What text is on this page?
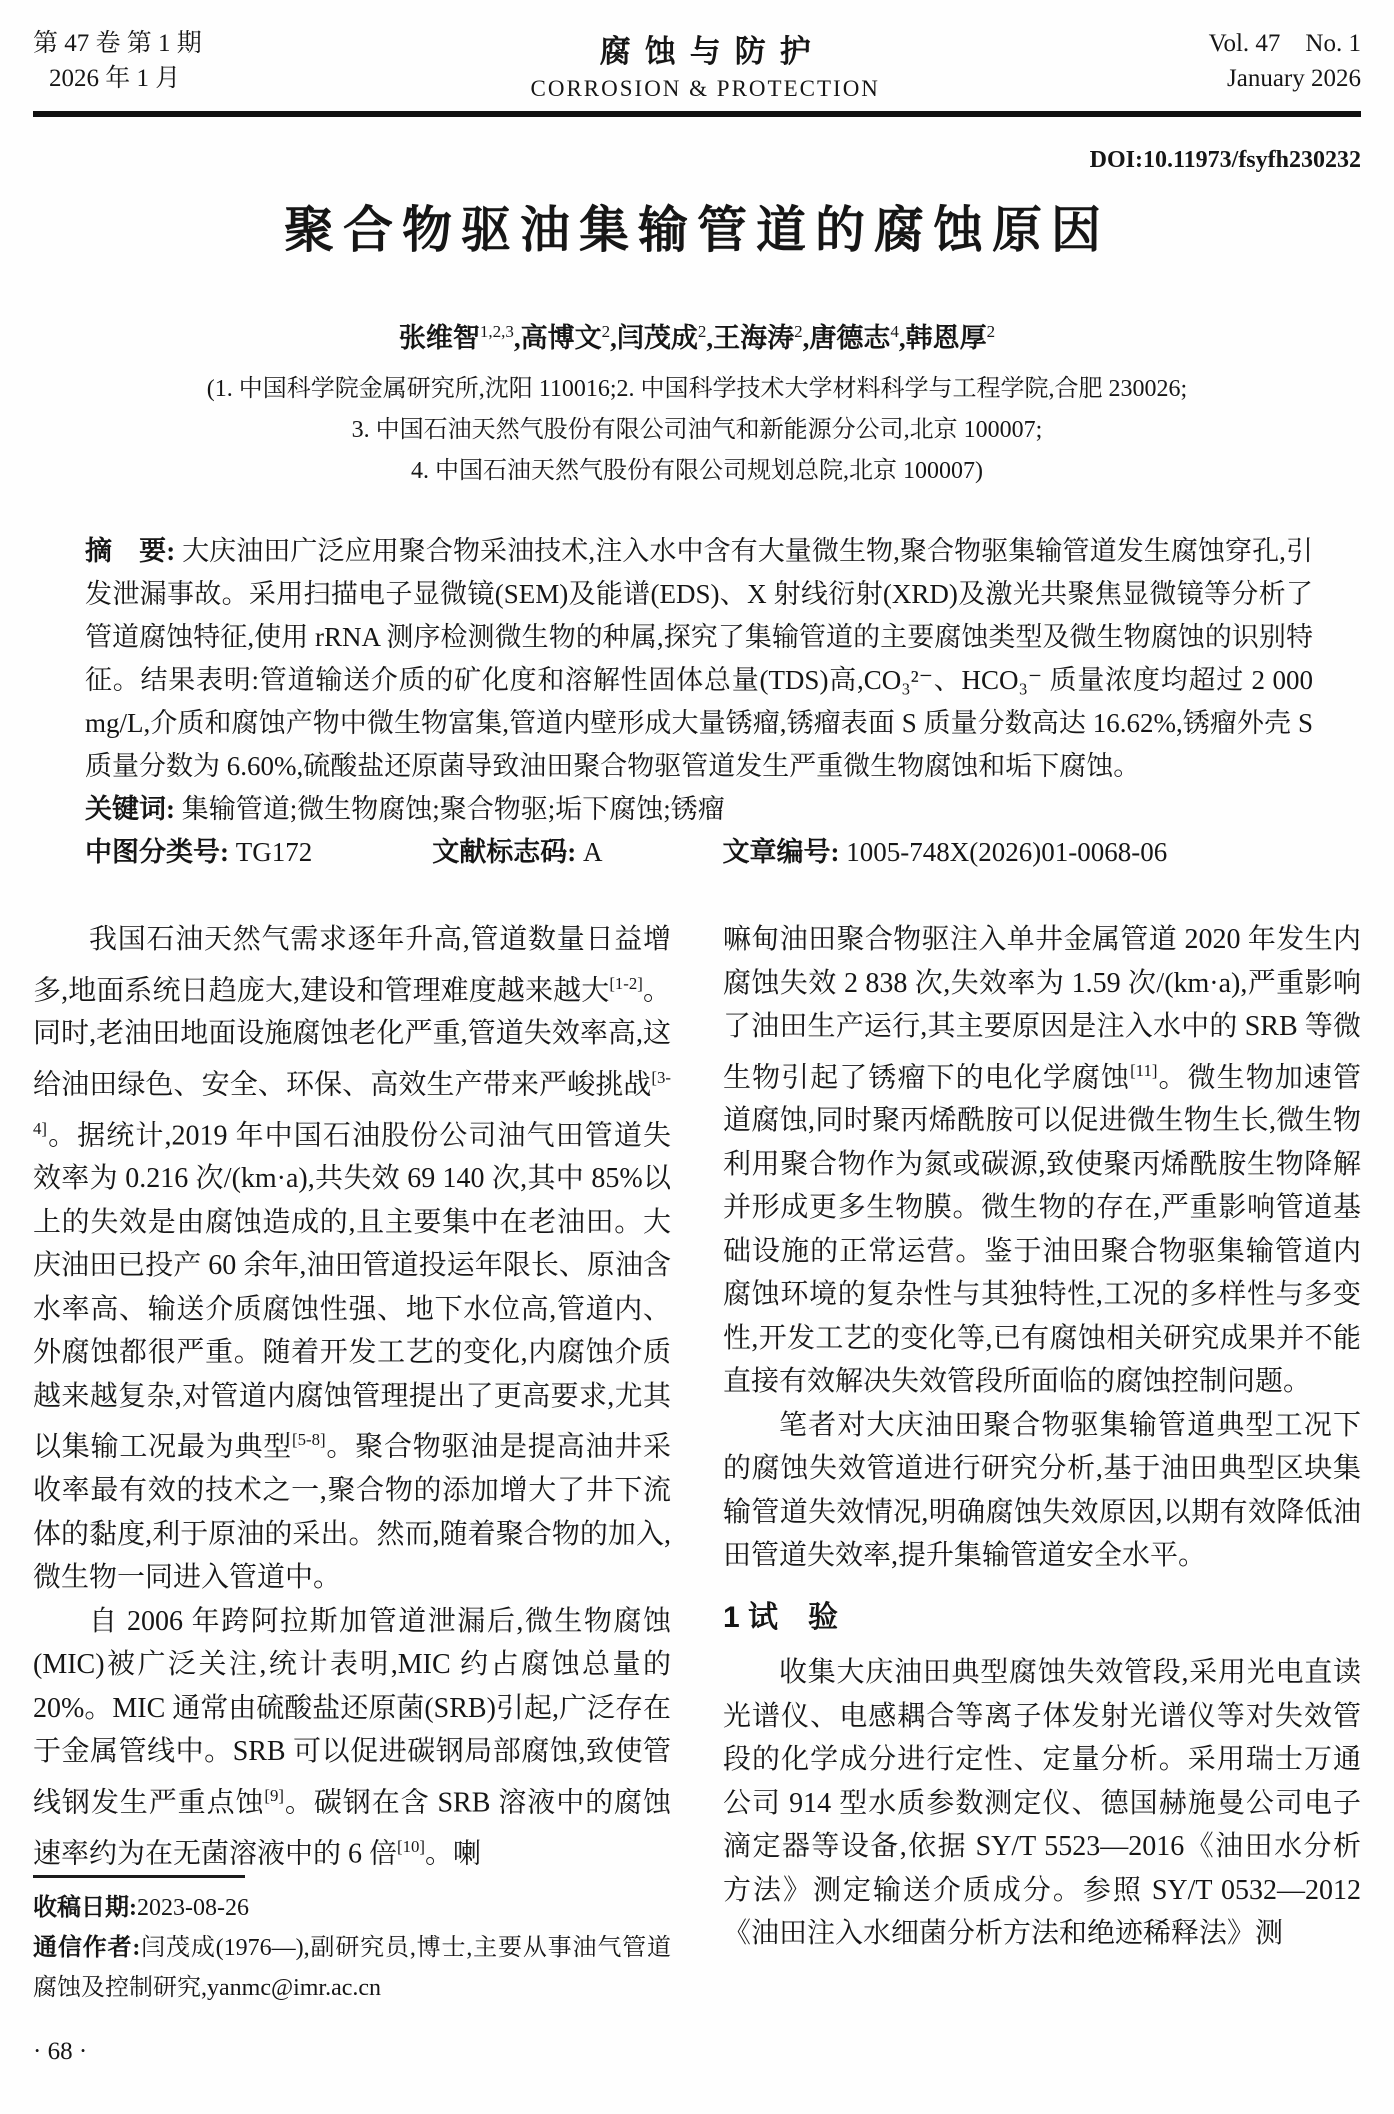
第 47 卷 第 1 期
2026 年 1 月
腐蚀与防护
CORROSION & PROTECTION
Vol. 47  No. 1
January 2026
DOI:10.11973/fsyfh230232
聚合物驱油集输管道的腐蚀原因
张维智$^{1,2,3}$,高博文$^2$,闫茂成$^2$,王海涛$^2$,唐德志$^4$,韩恩厚$^2$
(1. 中国科学院金属研究所,沈阳 110016;2. 中国科学技术大学材料科学与工程学院,合肥 230026;
3. 中国石油天然气股份有限公司油气和新能源分公司,北京 100007;
4. 中国石油天然气股份有限公司规划总院,北京 100007)

摘　要: 大庆油田广泛应用聚合物采油技术,注入水中含有大量微生物,聚合物驱集输管道发生腐蚀穿孔,引发泄漏事故。采用扫描电子显微镜(SEM)及能谱(EDS)、X 射线衍射(XRD)及激光共聚焦显微镜等分析了管道腐蚀特征,使用 rRNA 测序检测微生物的种属,探究了集输管道的主要腐蚀类型及微生物腐蚀的识别特征。结果表明:管道输送介质的矿化度和溶解性固体总量(TDS)高,CO₃²⁻、HCO₃⁻ 质量浓度均超过 2 000 mg/L,介质和腐蚀产物中微生物富集,管道内壁形成大量锈瘤,锈瘤表面 S 质量分数高达 16.62%,锈瘤外壳 S 质量分数为 6.60%,硫酸盐还原菌导致油田聚合物驱管道发生严重微生物腐蚀和垢下腐蚀。

关键词: 集输管道;微生物腐蚀;聚合物驱;垢下腐蚀;锈瘤

中图分类号: TG172	文献标志码: A	文章编号: 1005-748X(2026)01-0068-06

我国石油天然气需求逐年升高,管道数量日益增多,地面系统日趋庞大,建设和管理难度越来越大[1-2]。同时,老油田地面设施腐蚀老化严重,管道失效率高,这给油田绿色、安全、环保、高效生产带来严峻挑战[3-4]。据统计,2019 年中国石油股份公司油气田管道失效率为 0.216 次/(km·a),共失效 69 140 次,其中 85%以上的失效是由腐蚀造成的,且主要集中在老油田。大庆油田已投产 60 余年,油田管道投运年限长、原油含水率高、输送介质腐蚀性强、地下水位高,管道内、外腐蚀都很严重。随着开发工艺的变化,内腐蚀介质越来越复杂,对管道内腐蚀管理提出了更高要求,尤其以集输工况最为典型[5-8]。聚合物驱油是提高油井采收率最有效的技术之一,聚合物的添加增大了井下流体的黏度,利于原油的采出。然而,随着聚合物的加入,微生物一同进入管道中。

自 2006 年跨阿拉斯加管道泄漏后,微生物腐蚀(MIC)被广泛关注,统计表明,MIC 约占腐蚀总量的 20%。MIC 通常由硫酸盐还原菌(SRB)引起,广泛存在于金属管线中。SRB 可以促进碳钢局部腐蚀,致使管线钢发生严重点蚀[9]。碳钢在含 SRB 溶液中的腐蚀速率约为在无菌溶液中的 6 倍[10]。喇

收稿日期:2023-08-26

通信作者:闫茂成(1976—),副研究员,博士,主要从事油气管道腐蚀及控制研究,yanmc@imr.ac.cn

· 68 ·

嘛甸油田聚合物驱注入单井金属管道 2020 年发生内腐蚀失效 2 838 次,失效率为 1.59 次/(km·a),严重影响了油田生产运行,其主要原因是注入水中的 SRB 等微生物引起了锈瘤下的电化学腐蚀[11]。微生物加速管道腐蚀,同时聚丙烯酰胺可以促进微生物生长,微生物利用聚合物作为氮或碳源,致使聚丙烯酰胺生物降解并形成更多生物膜。微生物的存在,严重影响管道基础设施的正常运营。鉴于油田聚合物驱集输管道内腐蚀环境的复杂性与其独特性,工况的多样性与多变性,开发工艺的变化等,已有腐蚀相关研究成果并不能直接有效解决失效管段所面临的腐蚀控制问题。

笔者对大庆油田聚合物驱集输管道典型工况下的腐蚀失效管道进行研究分析,基于油田典型区块集输管道失效情况,明确腐蚀失效原因,以期有效降低油田管道失效率,提升集输管道安全水平。

1 试　验

收集大庆油田典型腐蚀失效管段,采用光电直读光谱仪、电感耦合等离子体发射光谱仪等对失效管段的化学成分进行定性、定量分析。采用瑞士万通公司 914 型水质参数测定仪、德国赫施曼公司电子滴定器等设备,依据 SY/T 5523—2016《油田水分析方法》测定输送介质成分。参照 SY/T 0532—2012《油田注入水细菌分析方法和绝迹稀释法》测
